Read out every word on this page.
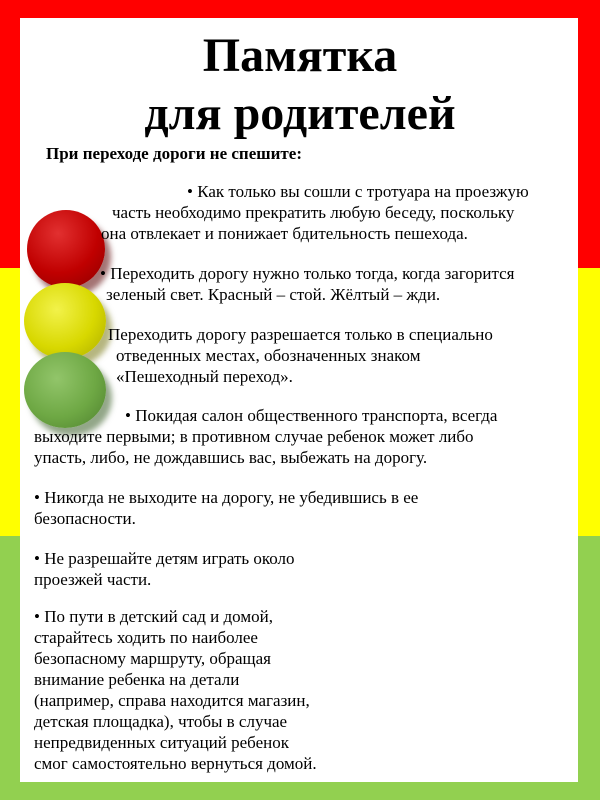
Памятка
для родителей
При переходе дороги не спешите:
• Как только вы сошли с тротуара на проезжую
часть необходимо прекратить любую беседу, поскольку
она отвлекает и понижает бдительность пешехода.
• Переходить дорогу нужно только тогда, когда загорится
зеленый свет. Красный – стой. Жёлтый – жди.
Переходить дорогу разрешается только в специально
отведенных местах, обозначенных знаком
«Пешеходный переход».
• Покидая салон общественного транспорта, всегда
выходите первыми; в противном случае ребенок может либо
упасть, либо, не дождавшись вас, выбежать на дорогу.
• Никогда не выходите на дорогу, не убедившись в ее
безопасности.
• Не разрешайте детям играть около
проезжей части.
• По пути в детский сад и домой,
старайтесь ходить по наиболее
безопасному маршруту, обращая
внимание ребенка на детали
(например, справа находится магазин,
детская площадка), чтобы в случае
непредвиденных ситуаций ребенок
смог самостоятельно вернуться домой.
